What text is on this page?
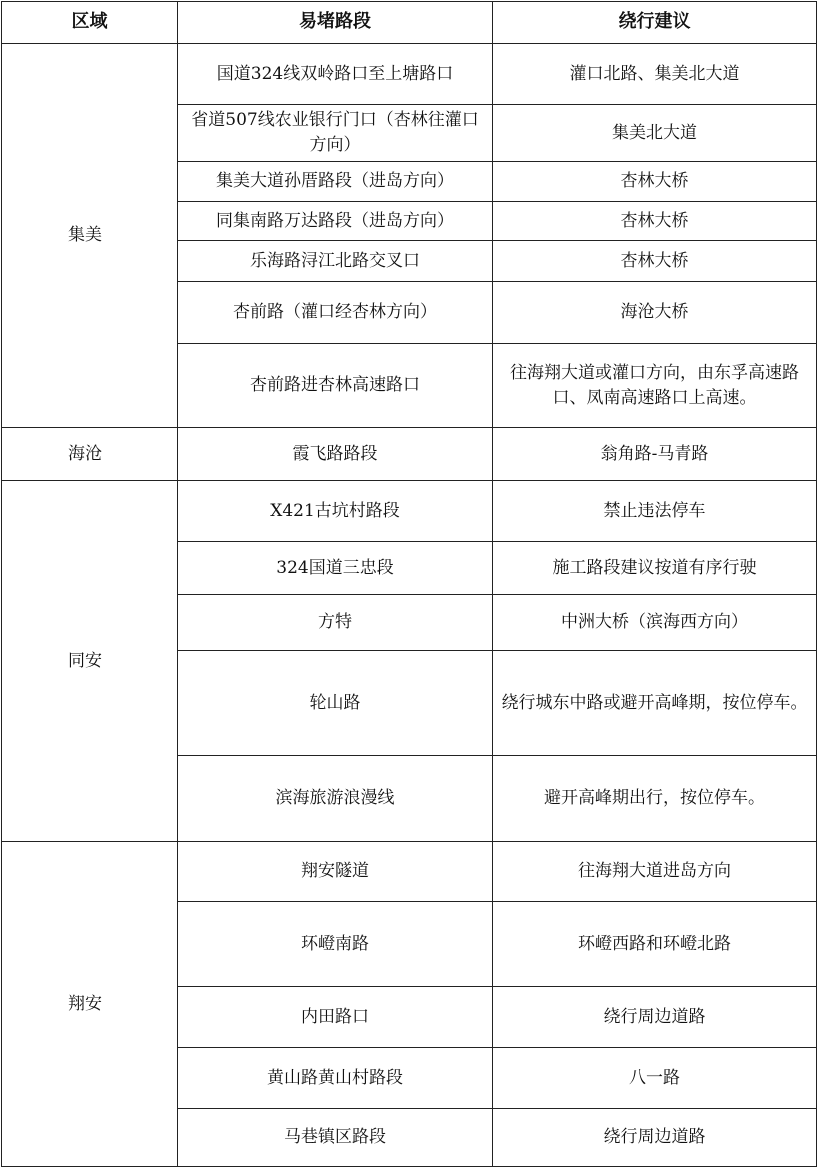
区域	易堵路段	绕行建议
集美	国道324线双岭路口至上塘路口	灌口北路、集美北大道
	省道507线农业银行门口（杏林往灌口方向）	集美北大道
	集美大道孙厝路段（进岛方向）	杏林大桥
	同集南路万达路段（进岛方向）	杏林大桥
	乐海路浔江北路交叉口	杏林大桥
	杏前路（灌口经杏林方向）	海沧大桥
	杏前路进杏林高速路口	往海翔大道或灌口方向，由东孚高速路口、凤南高速路口上高速。
海沧	霞飞路路段	翁角路-马青路
同安	X421古坑村路段	禁止违法停车
	324国道三忠段	施工路段建议按道有序行驶
	方特	中洲大桥（滨海西方向）
	轮山路	绕行城东中路或避开高峰期，按位停车。
	滨海旅游浪漫线	避开高峰期出行，按位停车。
翔安	翔安隧道	往海翔大道进岛方向
	环嶝南路	环嶝西路和环嶝北路
	内田路口	绕行周边道路
	黄山路黄山村路段	八一路
	马巷镇区路段	绕行周边道路
